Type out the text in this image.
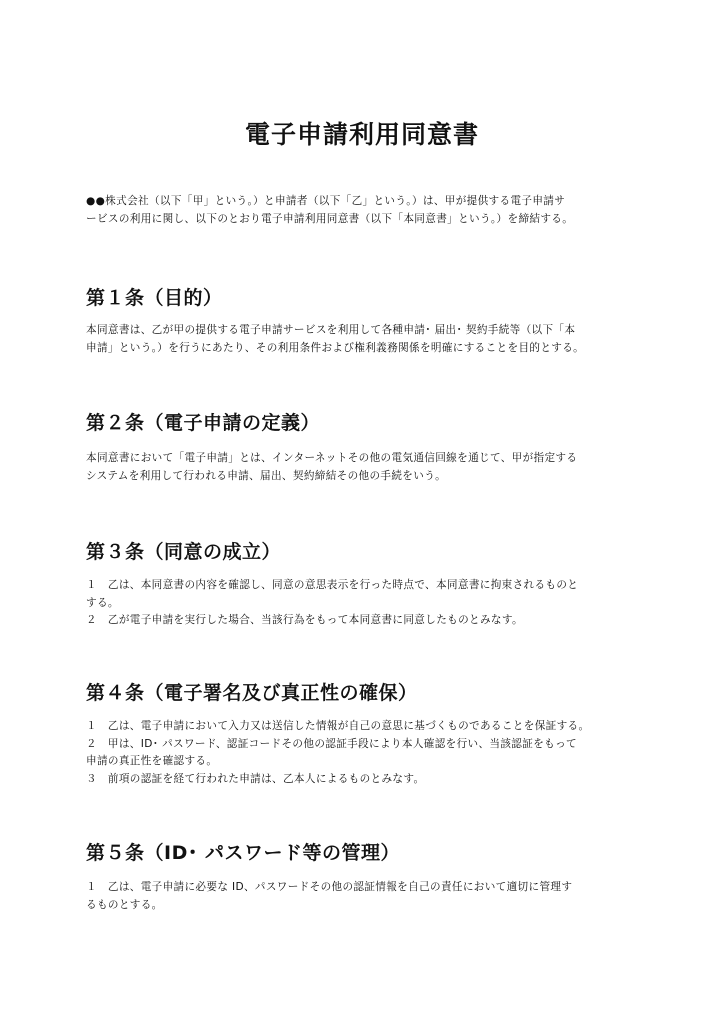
電子申請利用同意書

●●株式会社（以下「甲」という。）と申請者（以下「乙」という。）は、甲が提供する電子申請サ
ービスの利用に関し、以下のとおり電子申請利用同意書（以下「本同意書」という。）を締結する。

第１条（目的）

本同意書は、乙が甲の提供する電子申請サービスを利用して各種申請･ 届出･ 契約手続等（以下「本
申請」という。）を行うにあたり、その利用条件および権利義務関係を明確にすることを目的とする。

第２条（電子申請の定義）

本同意書において「電子申請」とは、インターネットその他の電気通信回線を通じて、甲が指定する
システムを利用して行われる申請、届出、契約締結その他の手続をいう。

第３条（同意の成立）

１　乙は、本同意書の内容を確認し、同意の意思表示を行った時点で、本同意書に拘束されるものと
する。
２　乙が電子申請を実行した場合、当該行為をもって本同意書に同意したものとみなす。

第４条（電子署名及び真正性の確保）

１　乙は、電子申請において入力又は送信した情報が自己の意思に基づくものであることを保証する。
２　甲は、ID･ パスワード、認証コードその他の認証手段により本人確認を行い、当該認証をもって
申請の真正性を確認する。
３　前項の認証を経て行われた申請は、乙本人によるものとみなす。

第５条（ID･ パスワード等の管理）

１　乙は、電子申請に必要な ID、パスワードその他の認証情報を自己の責任において適切に管理す
るものとする。
